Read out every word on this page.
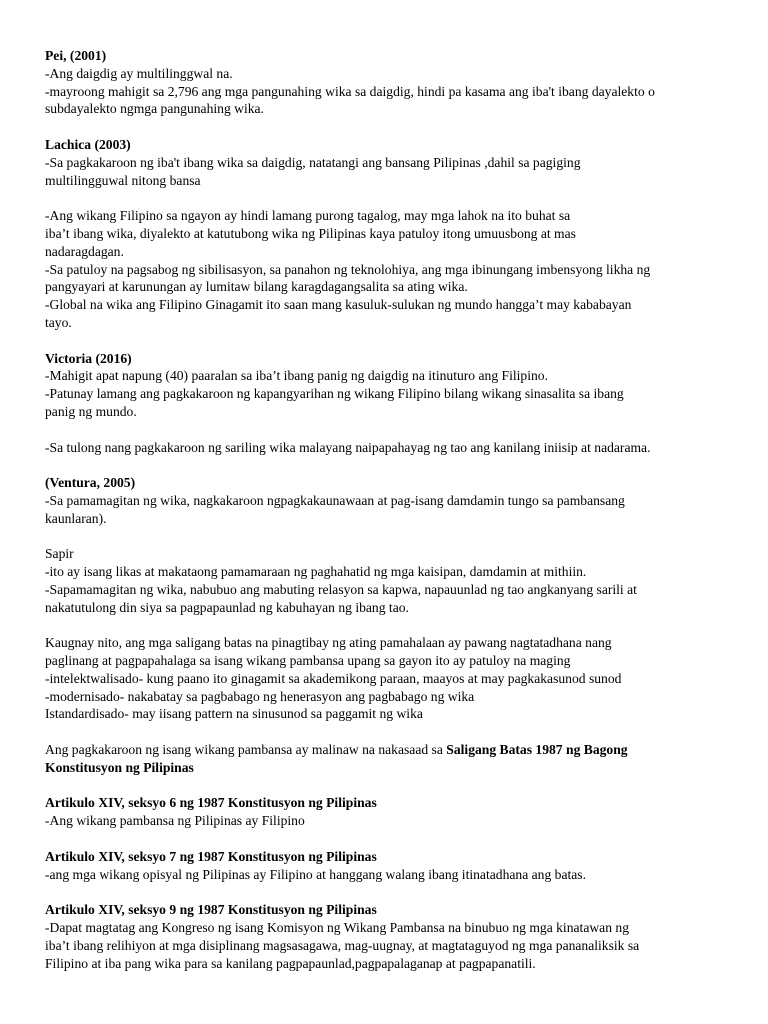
Pei, (2001)

-Ang daigdig ay multilinggwal na.

-mayroong mahigit sa 2,796 ang mga pangunahing wika sa daigdig, hindi pa kasama ang iba't ibang dayalekto o

subdayalekto ngmga pangunahing wika.

Lachica (2003)

-Sa pagkakaroon ng iba't ibang wika sa daigdig, natatangi ang bansang Pilipinas ,dahil sa pagiging

multilingguwal nitong bansa

-Ang wikang Filipino sa ngayon ay hindi lamang purong tagalog, may mga lahok na ito buhat sa

iba’t ibang wika, diyalekto at katutubong wika ng Pilipinas kaya patuloy itong umuusbong at mas

nadaragdagan.

-Sa patuloy na pagsabog ng sibilisasyon, sa panahon ng teknolohiya, ang mga ibinungang imbensyong likha ng

pangyayari at karunungan ay lumitaw bilang karagdagangsalita sa ating wika.

-Global na wika ang Filipino Ginagamit ito saan mang kasuluk-sulukan ng mundo hangga’t may kababayan

tayo.

Victoria (2016)

-Mahigit apat napung (40) paaralan sa iba’t ibang panig ng daigdig na itinuturo ang Filipino.

-Patunay lamang ang pagkakaroon ng kapangyarihan ng wikang Filipino bilang wikang sinasalita sa ibang

panig ng mundo.

-Sa tulong nang pagkakaroon ng sariling wika malayang naipapahayag ng tao ang kanilang iniisip at nadarama.

(Ventura, 2005)

-Sa pamamagitan ng wika, nagkakaroon ngpagkakaunawaan at pag-isang damdamin tungo sa pambansang

kaunlaran).

Sapir

-ito ay isang likas at makataong pamamaraan ng paghahatid ng mga kaisipan, damdamin at mithiin.

-Sapamamagitan ng wika, nabubuo ang mabuting relasyon sa kapwa, napauunlad ng tao angkanyang sarili at

nakatutulong din siya sa pagpapaunlad ng kabuhayan ng ibang tao.

Kaugnay nito, ang mga saligang batas na pinagtibay ng ating pamahalaan ay pawang nagtatadhana nang

paglinang at pagpapahalaga sa isang wikang pambansa upang sa gayon ito ay patuloy na maging

-intelektwalisado- kung paano ito ginagamit sa akademikong paraan, maayos at may pagkakasunod sunod

-modernisado- nakabatay sa pagbabago ng henerasyon ang pagbabago ng wika

Istandardisado- may iisang pattern na sinusunod sa paggamit ng wika

Ang pagkakaroon ng isang wikang pambansa ay malinaw na nakasaad sa Saligang Batas 1987 ng Bagong

Konstitusyon ng Pilipinas

Artikulo XIV, seksyo 6 ng 1987 Konstitusyon ng Pilipinas

-Ang wikang pambansa ng Pilipinas ay Filipino

Artikulo XIV, seksyo 7 ng 1987 Konstitusyon ng Pilipinas

-ang mga wikang opisyal ng Pilipinas ay Filipino at hanggang walang ibang itinatadhana ang batas.

Artikulo XIV, seksyo 9 ng 1987 Konstitusyon ng Pilipinas

-Dapat magtatag ang Kongreso ng isang Komisyon ng Wikang Pambansa na binubuo ng mga kinatawan ng

iba’t ibang relihiyon at mga disiplinang magsasagawa, mag-uugnay, at magtataguyod ng mga pananaliksik sa

Filipino at iba pang wika para sa kanilang pagpapaunlad,pagpapalaganap at pagpapanatili.
